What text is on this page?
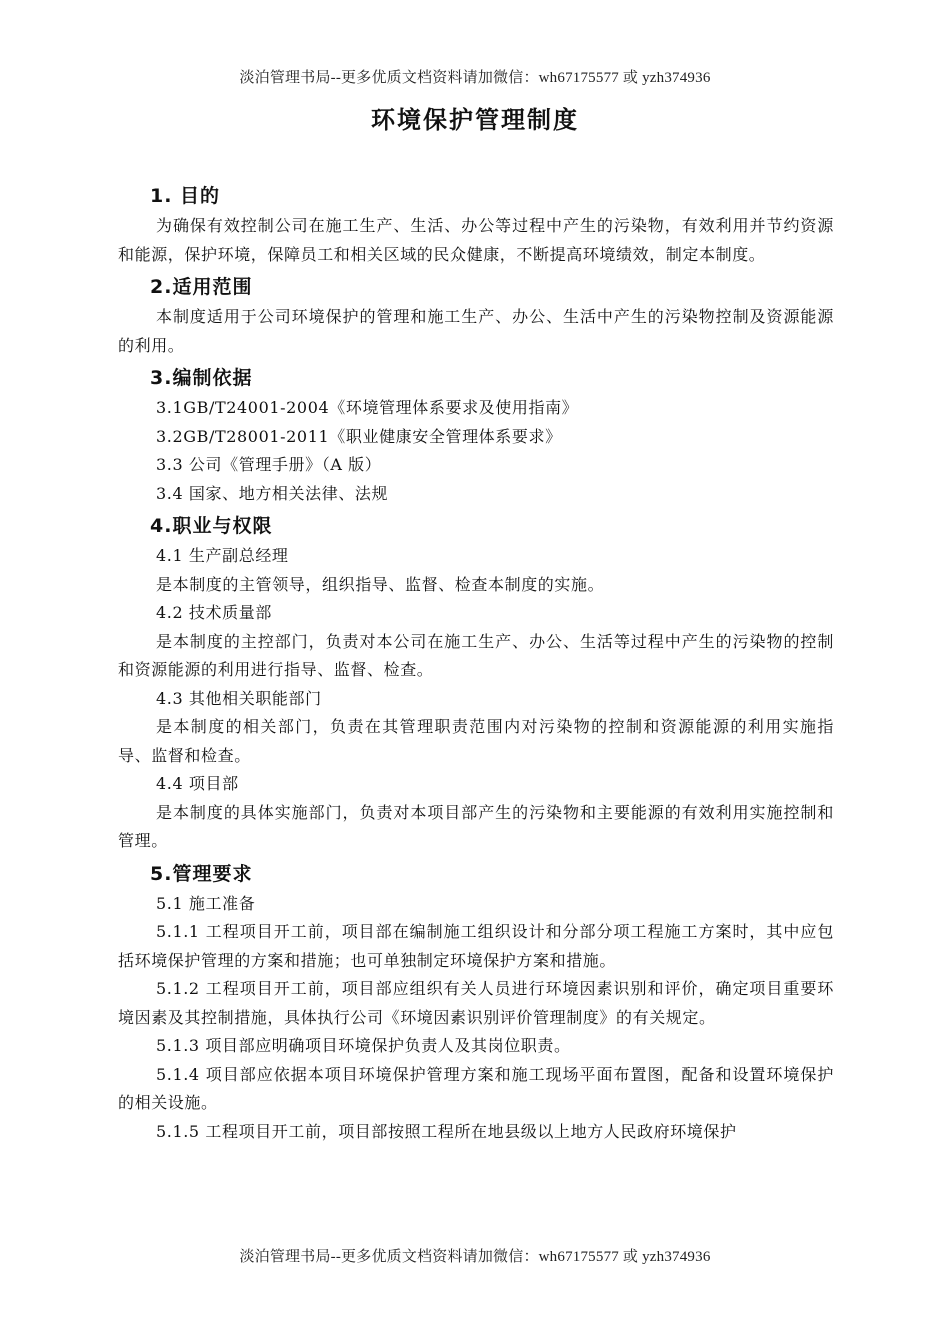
淡泊管理书局--更多优质文档资料请加微信：wh67175577 或 yzh374936
环境保护管理制度
1. 目的

为确保有效控制公司在施工生产、生活、办公等过程中产生的污染物，有效利用并节约资源和能源，保护环境，保障员工和相关区域的民众健康，不断提高环境绩效，制定本制度。

2.适用范围

本制度适用于公司环境保护的管理和施工生产、办公、生活中产生的污染物控制及资源能源的利用。

3.编制依据

3.1GB/T24001-2004《环境管理体系要求及使用指南》

3.2GB/T28001-2011《职业健康安全管理体系要求》

3.3 公司《管理手册》（A 版）

3.4 国家、地方相关法律、法规

4.职业与权限

4.1 生产副总经理

是本制度的主管领导，组织指导、监督、检查本制度的实施。

4.2 技术质量部

是本制度的主控部门，负责对本公司在施工生产、办公、生活等过程中产生的污染物的控制和资源能源的利用进行指导、监督、检查。

4.3 其他相关职能部门

是本制度的相关部门，负责在其管理职责范围内对污染物的控制和资源能源的利用实施指导、监督和检查。

4.4 项目部

是本制度的具体实施部门，负责对本项目部产生的污染物和主要能源的有效利用实施控制和管理。

5.管理要求

5.1 施工准备

5.1.1 工程项目开工前，项目部在编制施工组织设计和分部分项工程施工方案时，其中应包括环境保护管理的方案和措施；也可单独制定环境保护方案和措施。

5.1.2 工程项目开工前，项目部应组织有关人员进行环境因素识别和评价，确定项目重要环境因素及其控制措施，具体执行公司《环境因素识别评价管理制度》的有关规定。

5.1.3 项目部应明确项目环境保护负责人及其岗位职责。

5.1.4 项目部应依据本项目环境保护管理方案和施工现场平面布置图，配备和设置环境保护的相关设施。

5.1.5 工程项目开工前，项目部按照工程所在地县级以上地方人民政府环境保护

淡泊管理书局--更多优质文档资料请加微信：wh67175577 或 yzh374936
